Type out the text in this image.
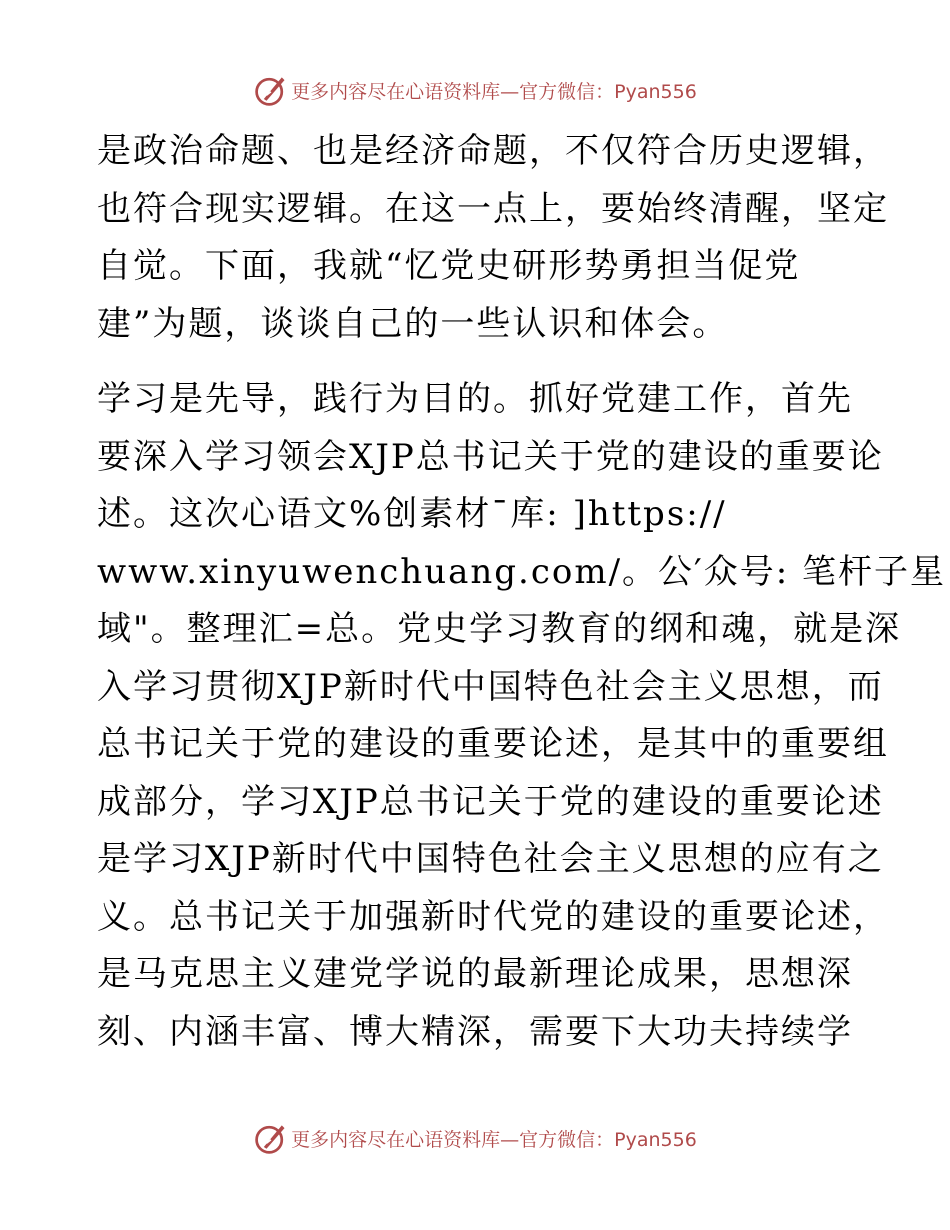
更多内容尽在心语资料库— 官方微信：Pyan556
是政治命题、也是经济命题，不仅符合历史逻辑，
也符合现实逻辑。在这一点上，要始终清醒，坚定
自觉。下面，我就“忆党史研形势勇担当促党
建”为题，谈谈自己的一些认识和体会。
学习是先导，践行为目的。抓好党建工作，首先
要深入学习领会XJP总书记关于党的建设的重要论
述。这次心语文%创素材¯库: ]https://
www.xinyuwenchuang.com/。公′众号: 笔杆子星
域"。整理汇=总。党史学习教育的纲和魂，就是深
入学习贯彻XJP新时代中国特色社会主义思想，而
总书记关于党的建设的重要论述，是其中的重要组
成部分，学习XJP总书记关于党的建设的重要论述
是学习XJP新时代中国特色社会主义思想的应有之
义。总书记关于加强新时代党的建设的重要论述，
是马克思主义建党学说的最新理论成果，思想深
刻、内涵丰富、博大精深，需要下大功夫持续学
更多内容尽在心语资料库— 官方微信：Pyan556
